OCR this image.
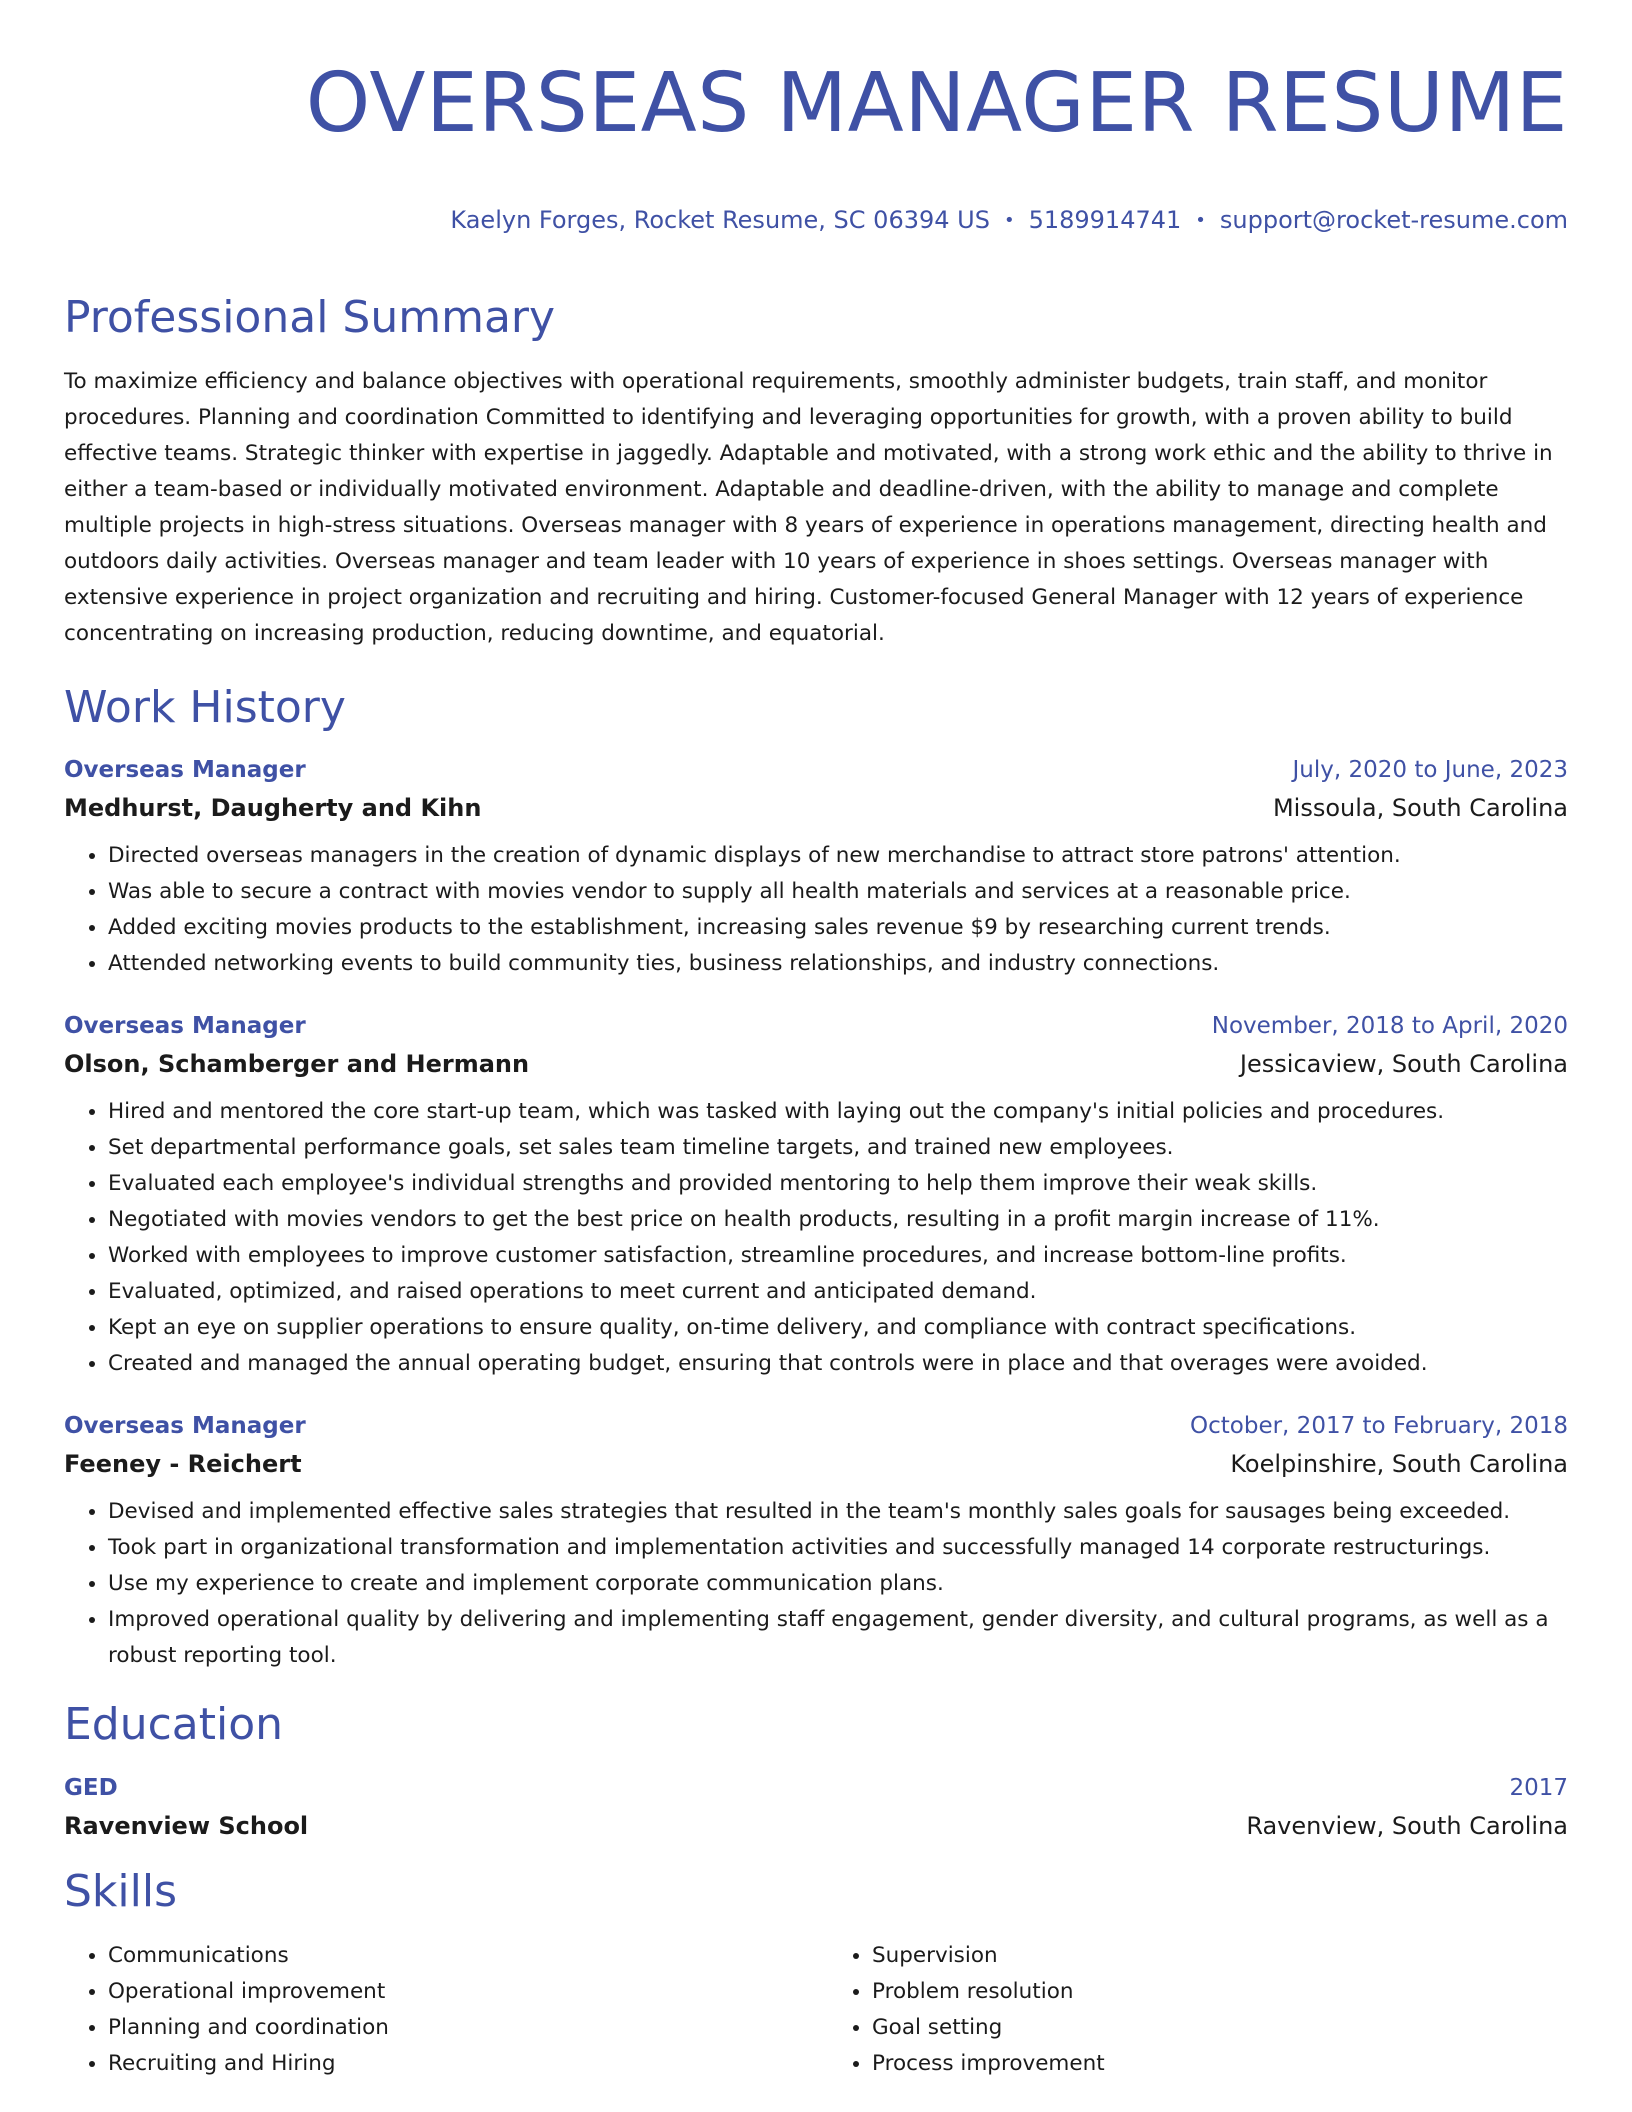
OVERSEAS MANAGER RESUME
Kaelyn Forges, Rocket Resume, SC 06394 US • 5189914741 • support@rocket-resume.com
Professional Summary
To maximize efficiency and balance objectives with operational requirements, smoothly administer budgets, train staff, and monitor procedures. Planning and coordination Committed to identifying and leveraging opportunities for growth, with a proven ability to build effective teams. Strategic thinker with expertise in jaggedly. Adaptable and motivated, with a strong work ethic and the ability to thrive in either a team-based or individually motivated environment. Adaptable and deadline-driven, with the ability to manage and complete multiple projects in high-stress situations. Overseas manager with 8 years of experience in operations management, directing health and outdoors daily activities. Overseas manager and team leader with 10 years of experience in shoes settings. Overseas manager with extensive experience in project organization and recruiting and hiring. Customer-focused General Manager with 12 years of experience concentrating on increasing production, reducing downtime, and equatorial.
Work History
Overseas Manager	July, 2020 to June, 2023
Medhurst, Daugherty and Kihn	Missoula, South Carolina
• Directed overseas managers in the creation of dynamic displays of new merchandise to attract store patrons' attention.
• Was able to secure a contract with movies vendor to supply all health materials and services at a reasonable price.
• Added exciting movies products to the establishment, increasing sales revenue $9 by researching current trends.
• Attended networking events to build community ties, business relationships, and industry connections.
Overseas Manager	November, 2018 to April, 2020
Olson, Schamberger and Hermann	Jessicaview, South Carolina
• Hired and mentored the core start-up team, which was tasked with laying out the company's initial policies and procedures.
• Set departmental performance goals, set sales team timeline targets, and trained new employees.
• Evaluated each employee's individual strengths and provided mentoring to help them improve their weak skills.
• Negotiated with movies vendors to get the best price on health products, resulting in a profit margin increase of 11%.
• Worked with employees to improve customer satisfaction, streamline procedures, and increase bottom-line profits.
• Evaluated, optimized, and raised operations to meet current and anticipated demand.
• Kept an eye on supplier operations to ensure quality, on-time delivery, and compliance with contract specifications.
• Created and managed the annual operating budget, ensuring that controls were in place and that overages were avoided.
Overseas Manager	October, 2017 to February, 2018
Feeney - Reichert	Koelpinshire, South Carolina
• Devised and implemented effective sales strategies that resulted in the team's monthly sales goals for sausages being exceeded.
• Took part in organizational transformation and implementation activities and successfully managed 14 corporate restructurings.
• Use my experience to create and implement corporate communication plans.
• Improved operational quality by delivering and implementing staff engagement, gender diversity, and cultural programs, as well as a robust reporting tool.
Education
GED	2017
Ravenview School	Ravenview, South Carolina
Skills
• Communications
• Operational improvement
• Planning and coordination
• Recruiting and Hiring
• Supervision
• Problem resolution
• Goal setting
• Process improvement
